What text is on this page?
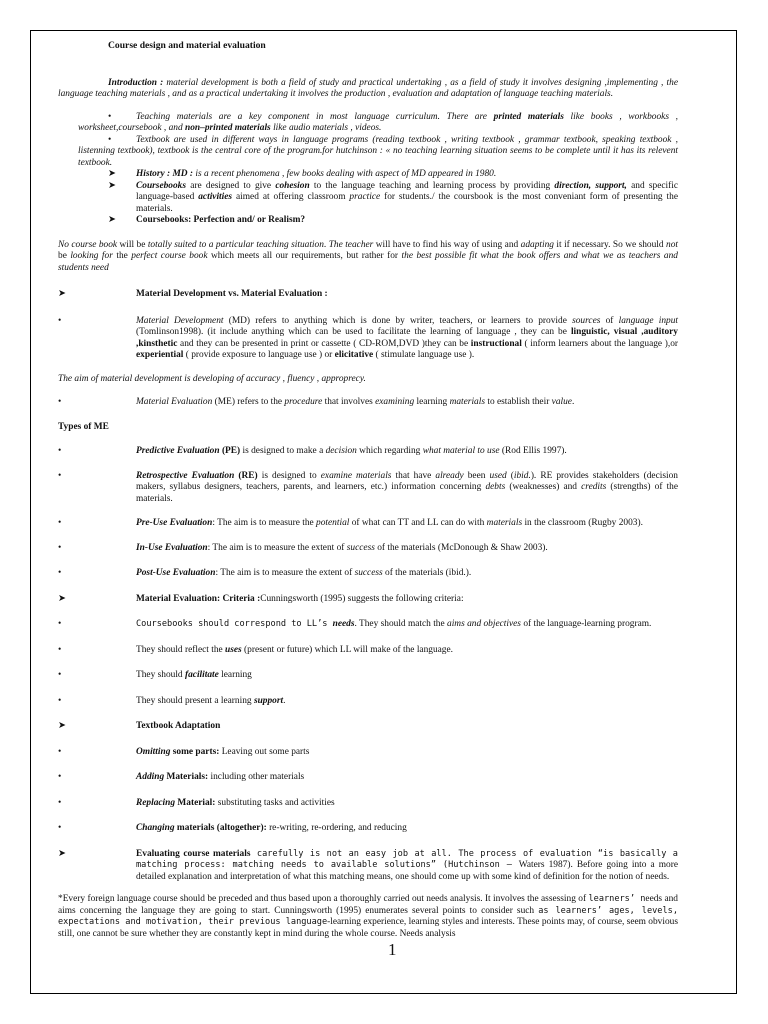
Course design and material evaluation

Introduction : material development is both a field of study and practical undertaking , as a field of study it involves designing ,implementing , the language teaching materials , and as a practical undertaking it involves the production , evaluation and adaptation of language teaching materials.

•	Teaching materials are a key component in most language curriculum. There are printed materials like books , workbooks , worksheet,coursebook , and non–printed materials like audio materials , videos.
•	Textbook are used in different ways in language programs (reading textbook , writing textbook , grammar textbook, speaking textbook , listenning textbook), textbook is the central core of the program.for hutchinson : « no teaching learning situation seems to be complete until it has its relevent textbook.
➤ History : MD : is a recent phenomena , few books dealing with aspect of MD appeared in 1980.
➤	Coursebooks are designed to give cohesion to the language teaching and learning process by providing direction, support, and specific language-based activities aimed at offering classroom practice for students./ the coursbook is the most conveniant form of presenting the materials.
➤ Coursebooks: Perfection and/ or Realism?

No course book will be totally suited to a particular teaching situation. The teacher will have to find his way of using and adapting it if necessary. So we should not be looking for the perfect course book which meets all our requirements, but rather for the best possible fit what the book offers and what we as teachers and students need

➤	Material Development vs. Material Evaluation :
•	Material Development (MD) refers to anything which is done by writer, teachers, or learners to provide sources of language input (Tomlinson1998). (it include anything which can be used to facilitate the learning of language , they can be linguistic, visual ,auditory ,kinsthetic and they can be presented in print or cassette ( CD-ROM,DVD )they can be instructional ( inform learners about the language ),or experiential ( provide exposure to language use ) or elicitative ( stimulate language use ).

The aim of material development is developing of accuracy , fluency , approprecy.

•	Material Evaluation (ME) refers to the procedure that involves examining learning materials to establish their value.

Types of ME

•	Predictive Evaluation (PE) is designed to make a decision which regarding what material to use (Rod Ellis 1997).
•	Retrospective Evaluation (RE) is designed to examine materials that have already been used (ibid.). RE provides stakeholders (decision makers, syllabus designers, teachers, parents, and learners, etc.) information concerning debts (weaknesses) and credits (strengths) of the materials.
•	Pre-Use Evaluation: The aim is to measure the potential of what can TT and LL can do with materials in the classroom (Rugby 2003).
•	In-Use Evaluation: The aim is to measure the extent of success of the materials (McDonough & Shaw 2003).
•	Post-Use Evaluation: The aim is to measure the extent of success of the materials (ibid.).
➤	Material Evaluation: Criteria :Cunningsworth (1995) suggests the following criteria:
•	Coursebooks should correspond to LL’s needs. They should match the aims and objectives of the language-learning program.
•	They should reflect the uses (present or future) which LL will make of the language.
•	They should facilitate learning
•	They should present a learning support.
➤	Textbook Adaptation
•	Omitting some parts: Leaving out some parts
•	Adding Materials: including other materials
•	Replacing Material: substituting tasks and activities
•	Changing materials (altogether): re-writing, re-ordering, and reducing
➤	Evaluating course materials carefully is not an easy job at all. The process of evaluation “is basically a matching process: matching needs to available solutions” (Hutchinson – Waters 1987). Before going into a more detailed explanation and interpretation of what this matching means, one should come up with some kind of definition for the notion of needs.

*Every foreign language course should be preceded and thus based upon a thoroughly carried out needs analysis. It involves the assessing of learners’ needs and aims concerning the language they are going to start. Cunningsworth (1995) enumerates several points to consider such as learners’ ages, levels, expectations and motivation, their previous language-learning experience, learning styles and interests. These points may, of course, seem obvious still, one cannot be sure whether they are constantly kept in mind during the whole course. Needs analysis

1
